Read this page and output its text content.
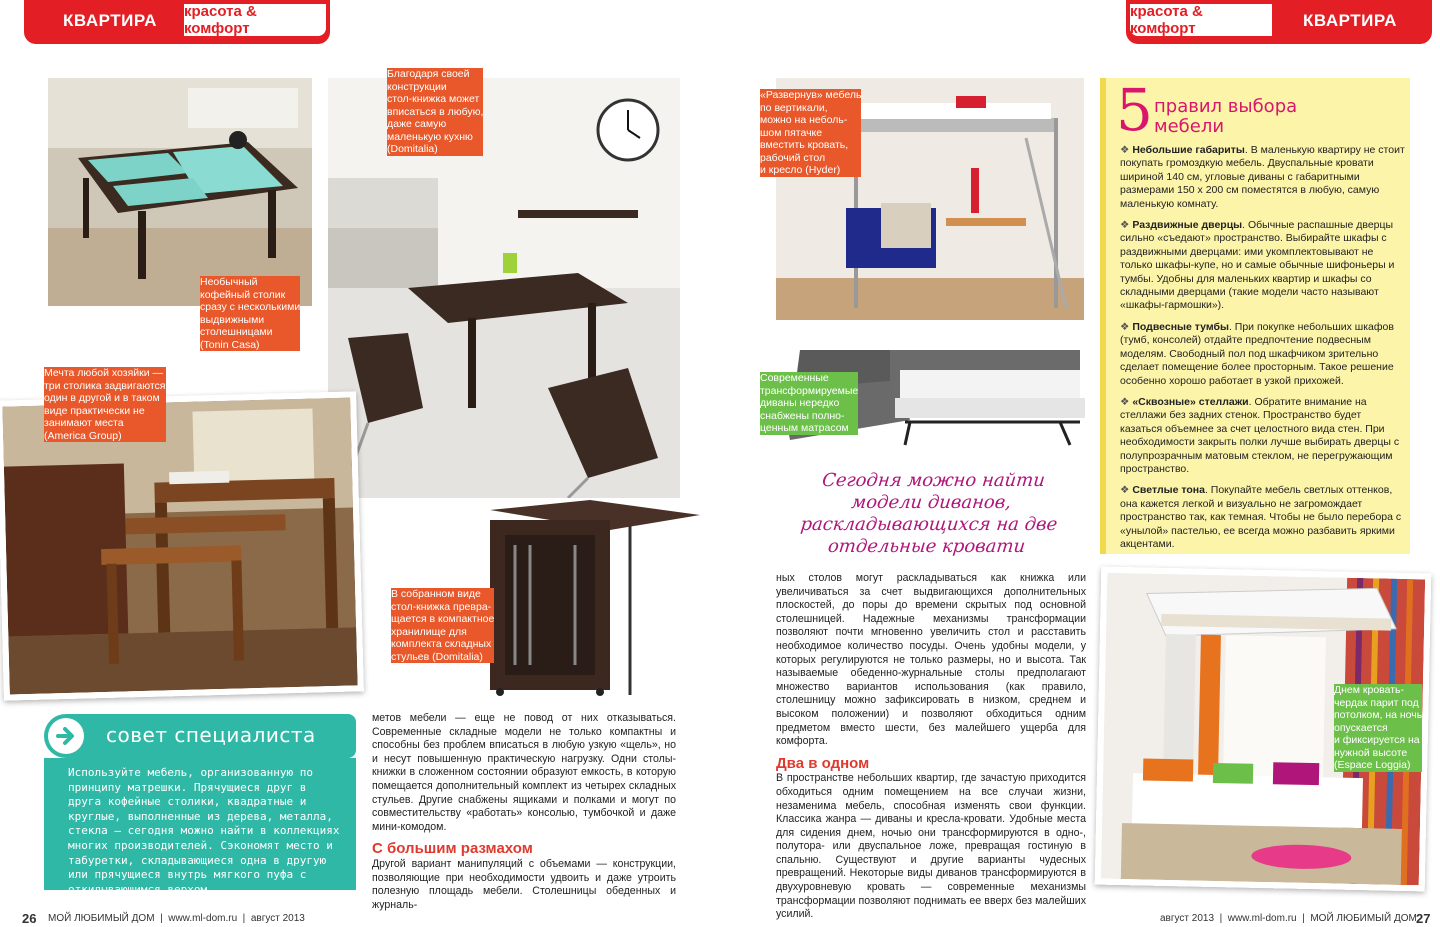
КВАРТИРА	красота & комфорт
красота & комфорт	КВАРТИРА
Необычный
кофейный столик
сразу с несколькими
выдвижными
столешницами
(Tonin Casa)
Благодаря своей
конструкции
стол-книжка может
вписаться в любую,
даже самую
маленькую кухню
(Domitalia)
Мечта любой хозяйки —
три столика задвигаются
один в другой и в таком
виде практически не
занимают места
(America Group)
В собранном виде
стол-книжка превра-
щается в компактное
хранилище для
комплекта складных
стульев (Domitalia)
совет специалиста
Используйте мебель, организованную по принципу матрешки. Прячущиеся друг в друга кофейные столики, квадратные и круглые, выполненные из дерева, металла, стекла — сегодня можно найти в коллекциях многих производителей. Сэкономят место и табуретки, складывающиеся одна в другую или прячущиеся внутрь мягкого пуфа с откидывающимся верхом.

метов мебели — еще не повод от них отказываться. Современные складные модели не только компактны и способны без проблем вписаться в любую узкую «щель», но и несут повышенную практическую нагрузку. Одни столы-книжки в сложенном состоянии образуют емкость, в которую помещается дополнительный комплект из четырех складных стульев. Другие снабжены ящиками и полками и могут по совместительству «работать» консолью, тумбочкой и даже мини-комодом.

С большим размахом

Другой вариант манипуляций с объемами — конструкции, позволяющие при необходимости удвоить и даже утроить полезную площадь мебели. Столешницы обеденных и журналь-

«Развернув» мебель
по вертикали,
можно на неболь-
шом пятачке
вместить кровать,
рабочий стол
и кресло (Hyder)
Современные
трансформируемые
диваны нередко
снабжены полно-
ценным матрасом
Сегодня можно найти
модели диванов,
раскладывающихся на две
отдельные кровати

ных столов могут раскладываться как книжка или увеличиваться за счет выдвигающихся дополнительных плоскостей, до поры до времени скрытых под основной столешницей. Надежные механизмы трансформации позволяют почти мгновенно увеличить стол и расставить необходимое количество посуды. Очень удобны модели, у которых регулируются не только размеры, но и высота. Так называемые обеденно-журнальные столы предполагают множество вариантов использования (как правило, столешницу можно зафиксировать в низком, среднем и высоком положении) и позволяют обходиться одним предметом вместо шести, без малейшего ущерба для комфорта.

Два в одном

В пространстве небольших квартир, где зачастую приходится обходиться одним помещением на все случаи жизни, незаменима мебель, способная изменять свои функции. Классика жанра — диваны и кресла-кровати. Удобные места для сидения днем, ночью они трансформируются в одно-, полутора- или двуспальное ложе, превращая гостиную в спальню. Существуют и другие варианты чудесных превращений. Некоторые виды диванов трансформируются в двухуровневую кровать — современные механизмы трансформации позволяют поднимать ее вверх без малейших усилий.

5 правил выбора
мебели
❖ Небольшие габариты. В маленькую квартиру не стоит покупать громоздкую мебель. Двуспальные кровати шириной 140 см, угловые диваны с габаритными размерами 150 х 200 см поместятся в любую, самую маленькую комнату.
❖ Раздвижные дверцы. Обычные распашные дверцы сильно «съедают» пространство. Выбирайте шкафы с раздвижными дверцами: ими укомплектовывают не только шкафы-купе, но и самые обычные шифоньеры и тумбы. Удобны для маленьких квартир и шкафы со складными дверцами (такие модели часто называют «шкафы-гармошки»).
❖ Подвесные тумбы. При покупке небольших шкафов (тумб, консолей) отдайте предпочтение подвесным моделям. Свободный пол под шкафчиком зрительно сделает помещение более просторным. Такое решение особенно хорошо работает в узкой прихожей.
❖ «Сквозные» стеллажи. Обратите внимание на стеллажи без задних стенок. Пространство будет казаться объемнее за счет целостного вида стен. При необходимости закрыть полки лучше выбирать дверцы с полупрозрачным матовым стеклом, не перегружающим пространство.
❖ Светлые тона. Покупайте мебель светлых оттенков, она кажется легкой и визуально не загромождает пространство так, как темная. Чтобы не было перебора с «унылой» пастелью, ее всегда можно разбавить яркими акцентами.
Днем кровать-
чердак парит под
потолком, на ночь
опускается
и фиксируется на
нужной высоте
(Espace Loggia)
26 МОЙ ЛЮБИМЫЙ ДОМ  |  www.ml-dom.ru  |  август 2013	август 2013  |  www.ml-dom.ru  |  МОЙ ЛЮБИМЫЙ ДОМ 27
